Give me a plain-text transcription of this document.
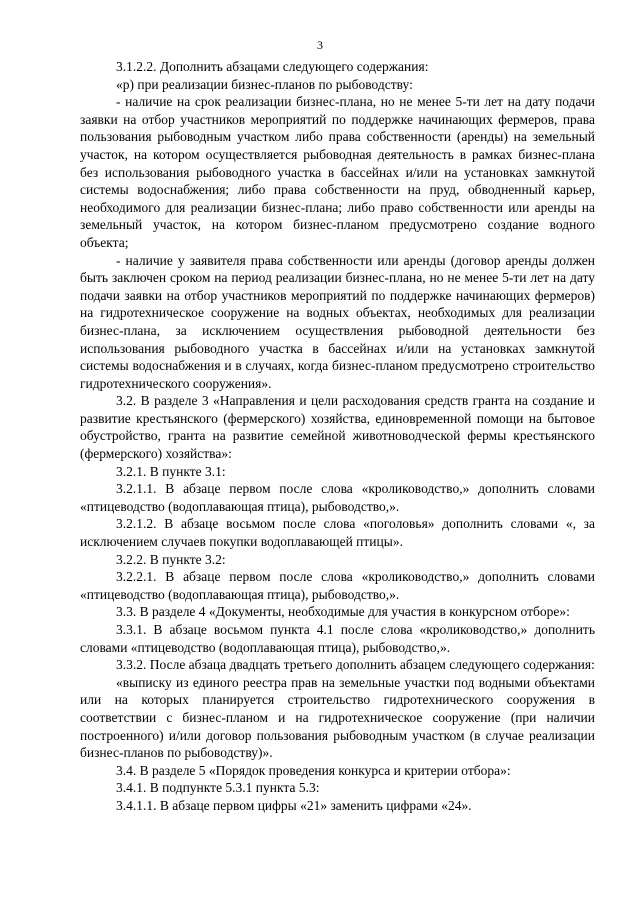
3

3.1.2.2. Дополнить абзацами следующего содержания:

«р) при реализации бизнес-планов по рыбоводству:

- наличие на срок реализации бизнес-плана, но не менее 5-ти лет на дату подачи заявки на отбор участников мероприятий по поддержке начинающих фермеров, права пользования рыбоводным участком либо права собственности (аренды) на земельный участок, на котором осуществляется рыбоводная деятельность в рамках бизнес-плана без использования рыбоводного участка в бассейнах и/или на установках замкнутой системы водоснабжения; либо права собственности на пруд, обводненный карьер, необходимого для реализации бизнес-плана; либо право собственности или аренды на земельный участок, на котором бизнес-планом предусмотрено создание водного объекта;

- наличие у заявителя права собственности или аренды (договор аренды должен быть заключен сроком на период реализации бизнес-плана, но не менее 5-ти лет на дату подачи заявки на отбор участников мероприятий по поддержке начинающих фермеров) на гидротехническое сооружение на водных объектах, необходимых для реализации бизнес-плана, за исключением осуществления рыбоводной деятельности без использования рыбоводного участка в бассейнах и/или на установках замкнутой системы водоснабжения и в случаях, когда бизнес-планом предусмотрено строительство гидротехнического сооружения».

3.2. В разделе 3 «Направления и цели расходования средств гранта на создание и развитие крестьянского (фермерского) хозяйства, единовременной помощи на бытовое обустройство, гранта на развитие семейной животноводческой фермы крестьянского (фермерского) хозяйства»:

3.2.1. В пункте 3.1:

3.2.1.1. В абзаце первом после слова «кролиководство,» дополнить словами «птицеводство (водоплавающая птица), рыбоводство,».

3.2.1.2. В абзаце восьмом после слова «поголовья» дополнить словами «, за исключением случаев покупки водоплавающей птицы».

3.2.2. В пункте 3.2:

3.2.2.1. В абзаце первом после слова «кролиководство,» дополнить словами «птицеводство (водоплавающая птица), рыбоводство,».

3.3. В разделе 4 «Документы, необходимые для участия в конкурсном отборе»:

3.3.1. В абзаце восьмом пункта 4.1 после слова «кролиководство,» дополнить словами «птицеводство (водоплавающая птица), рыбоводство,».

3.3.2. После абзаца двадцать третьего дополнить абзацем следующего содержания:

«выписку из единого реестра прав на земельные участки под водными объектами или на которых планируется строительство гидротехнического сооружения в соответствии с бизнес-планом и на гидротехническое сооружение (при наличии построенного) и/или договор пользования рыбоводным участком (в случае реализации бизнес-планов по рыбоводству)».

3.4. В разделе 5 «Порядок проведения конкурса и критерии отбора»:

3.4.1. В подпункте 5.3.1 пункта 5.3:

3.4.1.1. В абзаце первом цифры «21» заменить цифрами «24».
